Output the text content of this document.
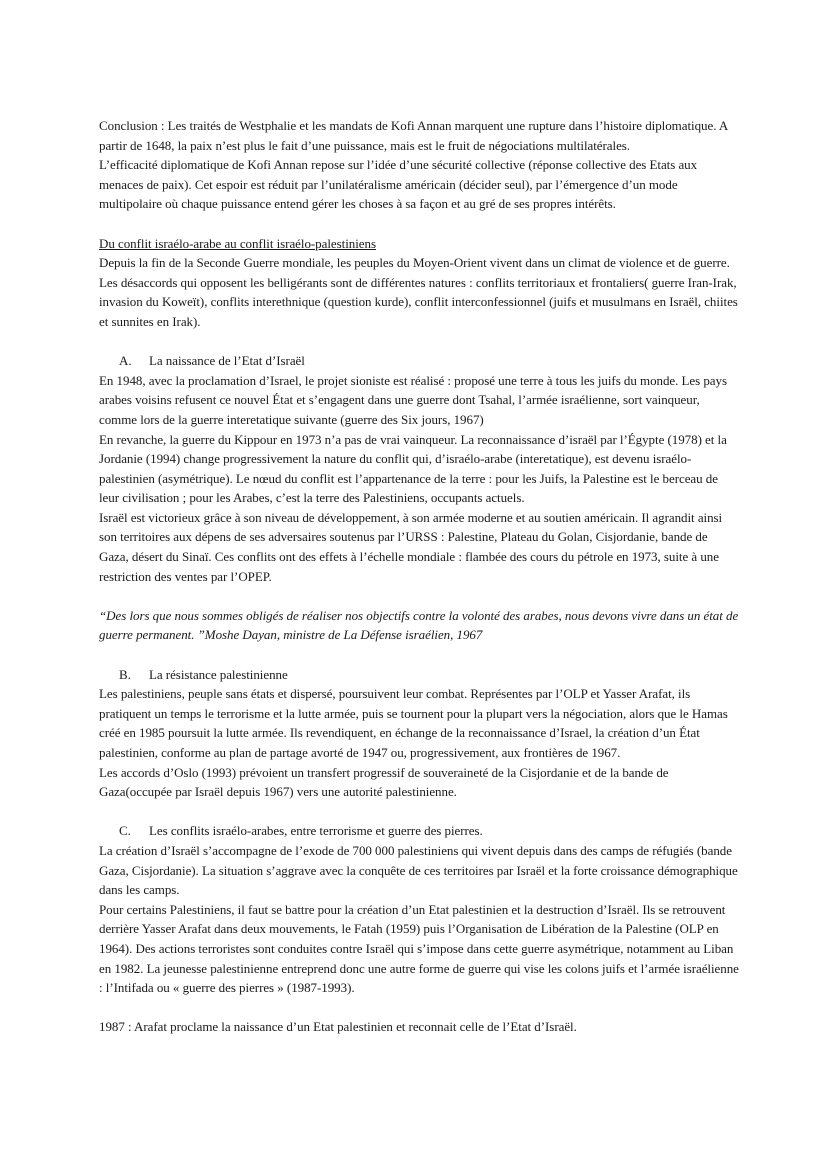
Conclusion : Les traités de Westphalie et les mandats de Kofi Annan marquent une rupture dans l’histoire diplomatique. A partir de 1648, la paix n’est plus le fait d’une puissance, mais est le fruit de négociations multilatérales.

L’efficacité diplomatique de Kofi Annan repose sur l’idée d’une sécurité collective (réponse collective des Etats aux menaces de paix). Cet espoir est réduit par l’unilatéralisme américain (décider seul), par l’émergence d’un mode multipolaire où chaque puissance entend gérer les choses à sa façon et au gré de ses propres intérêts.

Du conflit israélo-arabe au conflit israélo-palestiniens

Depuis la fin de la Seconde Guerre mondiale, les peuples du Moyen-Orient vivent dans un climat de violence et de guerre. Les désaccords qui opposent les belligérants sont de différentes natures : conflits territoriaux et frontaliers( guerre Iran-Irak, invasion du Koweït), conflits interethnique (question kurde), conflit interconfessionnel (juifs et musulmans en Israël, chiites et sunnites en Irak).

A. La naissance de l’Etat d’Israël

En 1948, avec la proclamation d’Israel, le projet sioniste est réalisé : proposé une terre à tous les juifs du monde. Les pays arabes voisins refusent ce nouvel État et s’engagent dans une guerre dont Tsahal, l’armée israélienne, sort vainqueur, comme lors de la guerre interetatique suivante (guerre des Six jours, 1967)

En revanche, la guerre du Kippour en 1973 n’a pas de vrai vainqueur. La reconnaissance d’israël par l’Égypte (1978) et la Jordanie (1994) change progressivement la nature du conflit qui, d’israélo-arabe (interetatique), est devenu israélo-palestinien (asymétrique). Le nœud du conflit est l’appartenance de la terre : pour les Juifs, la Palestine est le berceau de leur civilisation ; pour les Arabes, c’est la terre des Palestiniens, occupants actuels.

Israël est victorieux grâce à son niveau de développement, à son armée moderne et au soutien américain. Il agrandit ainsi son territoires aux dépens de ses adversaires soutenus par l’URSS : Palestine, Plateau du Golan, Cisjordanie, bande de Gaza, désert du Sinaï. Ces conflits ont des effets à l’échelle mondiale : flambée des cours du pétrole en 1973, suite à une restriction des ventes par l’OPEP.

“Des lors que nous sommes obligés de réaliser nos objectifs contre la volonté des arabes, nous devons vivre dans un état de guerre permanent. ”Moshe Dayan, ministre de La Défense israélien, 1967

B. La résistance palestinienne

Les palestiniens, peuple sans états et dispersé, poursuivent leur combat. Représentes par l’OLP et Yasser Arafat, ils pratiquent un temps le terrorisme et la lutte armée, puis se tournent pour la plupart vers la négociation, alors que le Hamas créé en 1985 poursuit la lutte armée. Ils revendiquent, en échange de la reconnaissance d’Israel, la création d’un État palestinien, conforme au plan de partage avorté de 1947 ou, progressivement, aux frontières de 1967.

Les accords d’Oslo (1993) prévoient un transfert progressif de souveraineté de la Cisjordanie et de la bande de Gaza(occupée par Israël depuis 1967) vers une autorité palestinienne.

C. Les conflits israélo-arabes, entre terrorisme et guerre des pierres.

La création d’Israël s’accompagne de l’exode de 700 000 palestiniens qui vivent depuis dans des camps de réfugiés (bande Gaza, Cisjordanie). La situation s’aggrave avec la conquête de ces territoires par Israël et la forte croissance démographique dans les camps.

Pour certains Palestiniens, il faut se battre pour la création d’un Etat palestinien et la destruction d’Israël. Ils se retrouvent derrière Yasser Arafat dans deux mouvements, le Fatah (1959) puis l’Organisation de Libération de la Palestine (OLP en 1964). Des actions terroristes sont conduites contre Israël qui s’impose dans cette guerre asymétrique, notamment au Liban en 1982. La jeunesse palestinienne entreprend donc une autre forme de guerre qui vise les colons juifs et l’armée israélienne : l’Intifada ou « guerre des pierres » (1987-1993).

1987 : Arafat proclame la naissance d’un Etat palestinien et reconnait celle de l’Etat d’Israël.
